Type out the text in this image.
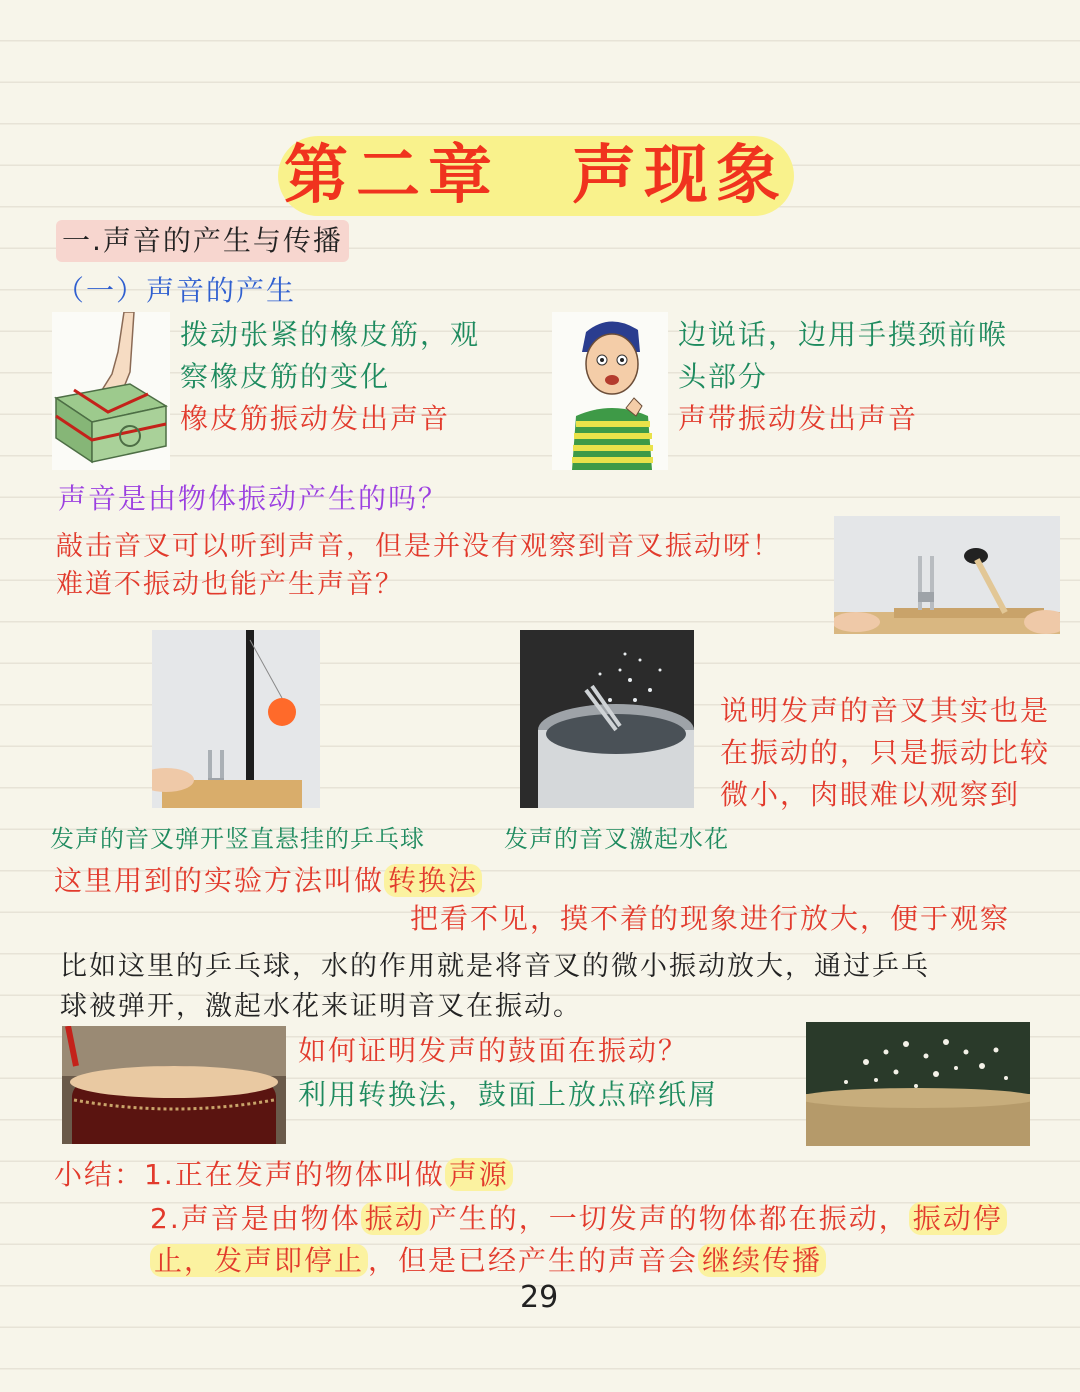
第二章　声现象
一.声音的产生与传播
（一）声音的产生
拨动张紧的橡皮筋，观
察橡皮筋的变化
橡皮筋振动发出声音
边说话，边用手摸颈前喉
头部分
声带振动发出声音
声音是由物体振动产生的吗？
敲击音叉可以听到声音，但是并没有观察到音叉振动呀！
难道不振动也能产生声音？
说明发声的音叉其实也是
在振动的，只是振动比较
微小，肉眼难以观察到
发声的音叉弹开竖直悬挂的乒乓球	发声的音叉激起水花
这里用到的实验方法叫做 转换法
把看不见，摸不着的现象进行放大，便于观察
比如这里的乒乓球，水的作用就是将音叉的微小振动放大，通过乒乓
球被弹开，激起水花来证明音叉在振动。
如何证明发声的鼓面在振动？
利用转换法，鼓面上放点碎纸屑
小结：1.正在发声的物体叫做 声源
2.声音是由物体 振动 产生的，一切发声的物体都在振动， 振动停
止，发声即停止 ，但是已经产生的声音会 继续传播
29
